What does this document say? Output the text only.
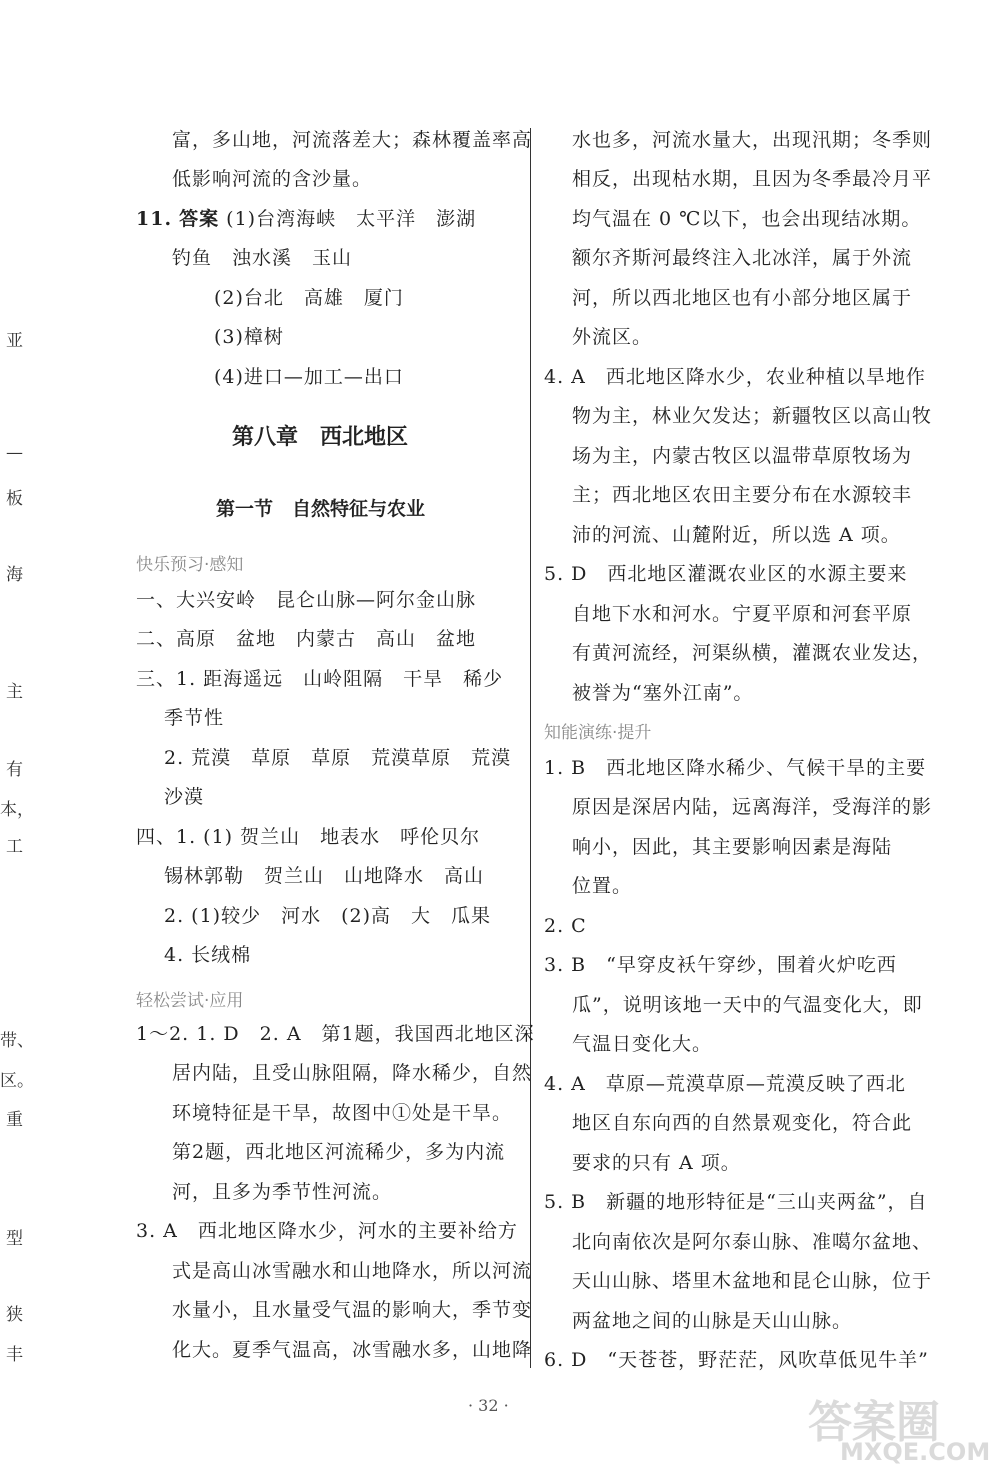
亚
—
板
海
主
有
本，
工
带、
区。
重
型
狭
丰
富，多山地，河流落差大；森林覆盖率高
低影响河流的含沙量。
11. 答案 (1)台湾海峡　太平洋　澎湖
钓鱼　浊水溪　玉山
(2)台北　高雄　厦门
(3)樟树
(4)进口—加工—出口
第八章　西北地区
第一节　自然特征与农业
快乐预习·感知
一、大兴安岭　昆仑山脉—阿尔金山脉
二、高原　盆地　内蒙古　高山　盆地
三、1. 距海遥远　山岭阻隔　干旱　稀少
季节性
2. 荒漠　草原　草原　荒漠草原　荒漠
沙漠
四、1. (1) 贺兰山　地表水　呼伦贝尔
锡林郭勒　贺兰山　山地降水　高山
2. (1)较少　河水　(2)高　大　瓜果
4. 长绒棉
轻松尝试·应用
1～2. 1. D　2. A　第1题，我国西北地区深
居内陆，且受山脉阻隔，降水稀少，自然
环境特征是干旱，故图中①处是干旱。
第2题，西北地区河流稀少，多为内流
河，且多为季节性河流。
3. A　西北地区降水少，河水的主要补给方
式是高山冰雪融水和山地降水，所以河流
水量小，且水量受气温的影响大，季节变
化大。夏季气温高，冰雪融水多，山地降
水也多，河流水量大，出现汛期；冬季则
相反，出现枯水期，且因为冬季最冷月平
均气温在 0 ℃以下，也会出现结冰期。
额尔齐斯河最终注入北冰洋，属于外流
河，所以西北地区也有小部分地区属于
外流区。
4. A　西北地区降水少，农业种植以旱地作
物为主，林业欠发达；新疆牧区以高山牧
场为主，内蒙古牧区以温带草原牧场为
主；西北地区农田主要分布在水源较丰
沛的河流、山麓附近，所以选 A 项。
5. D　西北地区灌溉农业区的水源主要来
自地下水和河水。宁夏平原和河套平原
有黄河流经，河渠纵横，灌溉农业发达，
被誉为“塞外江南”。
知能演练·提升
1. B　西北地区降水稀少、气候干旱的主要
原因是深居内陆，远离海洋，受海洋的影
响小，因此，其主要影响因素是海陆
位置。
2. C
3. B　“早穿皮袄午穿纱，围着火炉吃西
瓜”，说明该地一天中的气温变化大，即
气温日变化大。
4. A　草原—荒漠草原—荒漠反映了西北
地区自东向西的自然景观变化，符合此
要求的只有 A 项。
5. B　新疆的地形特征是“三山夹两盆”，自
北向南依次是阿尔泰山脉、准噶尔盆地、
天山山脉、塔里木盆地和昆仑山脉，位于
两盆地之间的山脉是天山山脉。
6. D　“天苍苍，野茫茫，风吹草低见牛羊”
· 32 ·	答案圈
MXQE.COM
